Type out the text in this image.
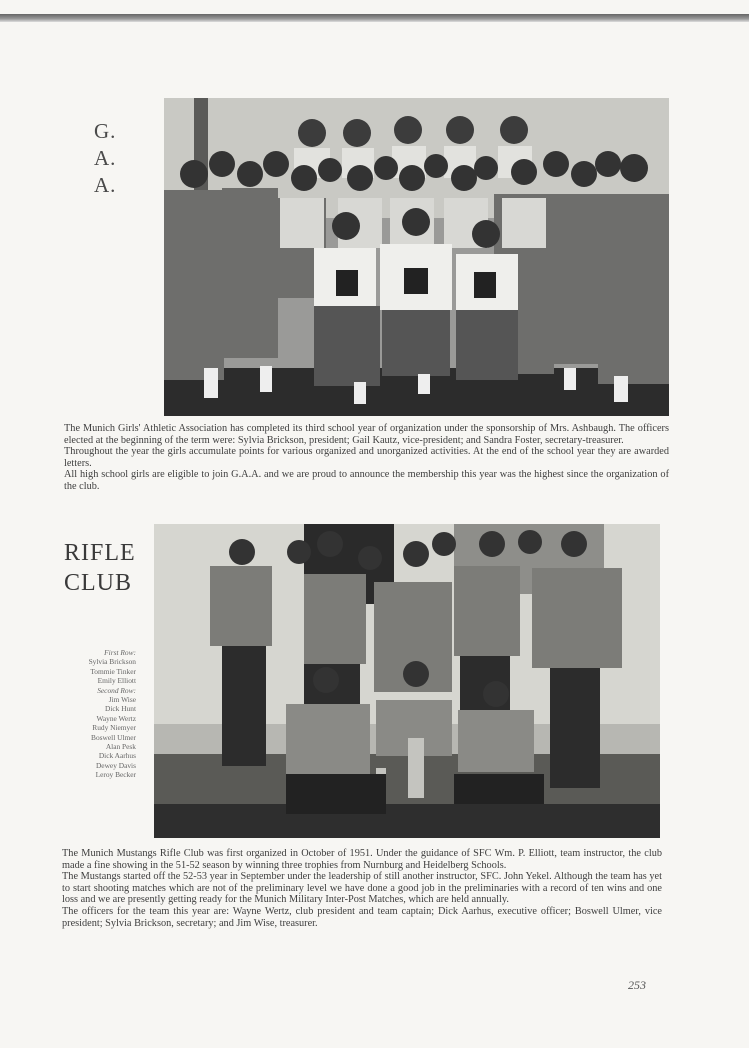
G.
A.
A.

The Munich Girls' Athletic Association has completed its third school year of organization under the sponsorship of Mrs. Ashbaugh. The officers elected at the beginning of the term were: Sylvia Brickson, president; Gail Kautz, vice-president; and Sandra Foster, secretary-treasurer.

Throughout the year the girls accumulate points for various organized and unorganized activities. At the end of the school year they are awarded letters.

All high school girls are eligible to join G.A.A. and we are proud to announce the membership this year was the highest since the organization of the club.

RIFLE
CLUB
First Row:
Sylvia Brickson
Tommie Tinker
Emily Elliott
Second Row:
Jim Wise
Dick Hunt
Wayne Wertz
Rudy Niemyer
Boswell Ulmer
Alan Pesk
Dick Aarhus
Dewey Davis
Leroy Becker

The Munich Mustangs Rifle Club was first organized in October of 1951. Under the guidance of SFC Wm. P. Elliott, team instructor, the club made a fine showing in the 51-52 season by winning three trophies from Nurnburg and Heidelberg Schools.

The Mustangs started off the 52-53 year in September under the leadership of still another instructor, SFC. John Yekel. Although the team has yet to start shooting matches which are not of the preliminary level we have done a good job in the preliminaries with a record of ten wins and one loss and we are presently getting ready for the Munich Military Inter-Post Matches, which are held annually.

The officers for the team this year are: Wayne Wertz, club president and team captain; Dick Aarhus, executive officer; Boswell Ulmer, vice president; Sylvia Brickson, secretary; and Jim Wise, treasurer.

253
